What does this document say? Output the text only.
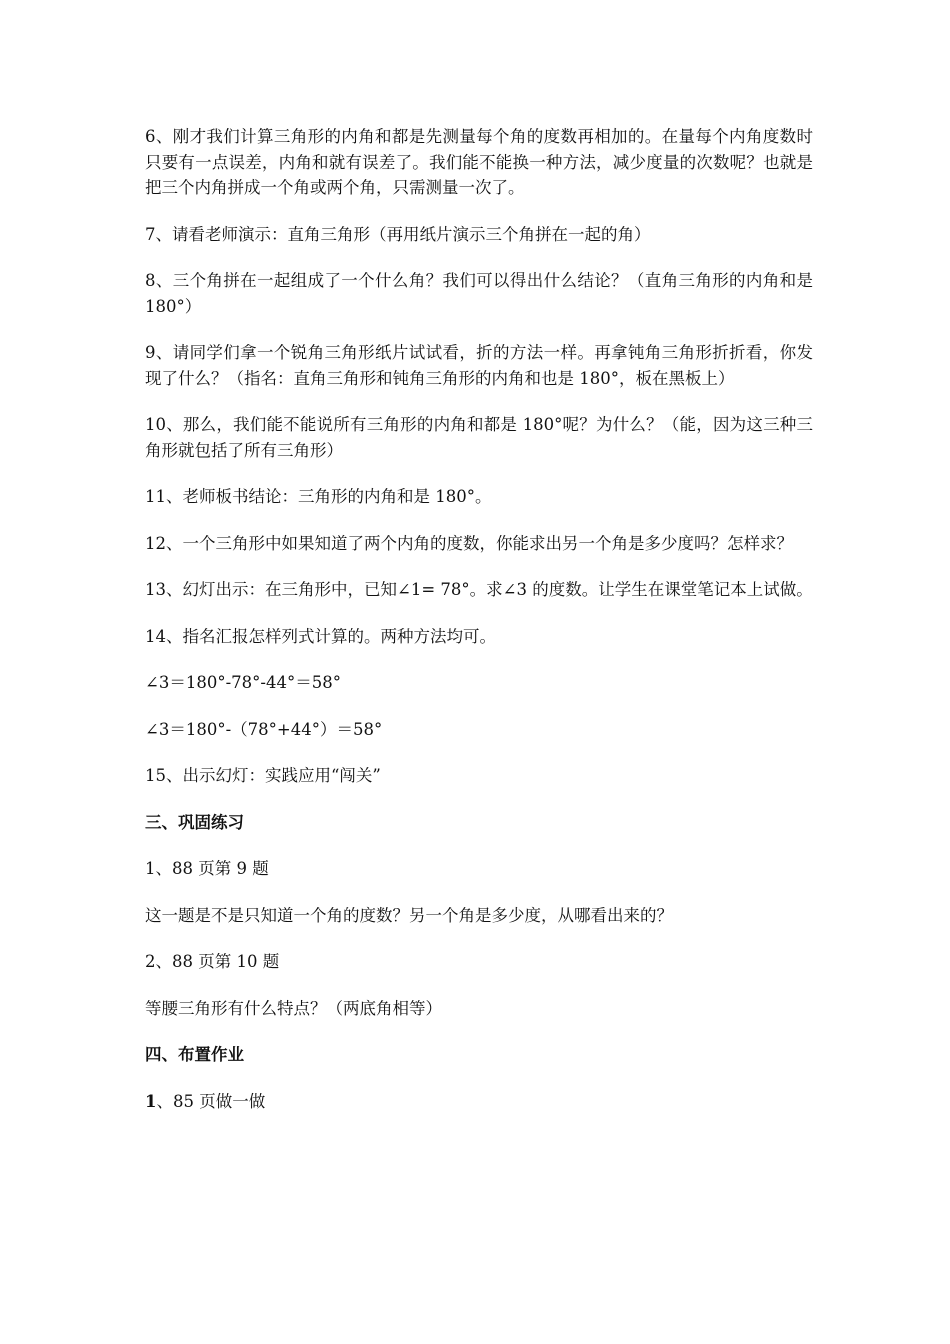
6、刚才我们计算三角形的内角和都是先测量每个角的度数再相加的。在量每个内角度数时只要有一点误差，内角和就有误差了。我们能不能换一种方法，减少度量的次数呢？也就是把三个内角拼成一个角或两个角，只需测量一次了。

7、请看老师演示：直角三角形（再用纸片演示三个角拼在一起的角）

8、三个角拼在一起组成了一个什么角？我们可以得出什么结论？（直角三角形的内角和是 180°）

9、请同学们拿一个锐角三角形纸片试试看，折的方法一样。再拿钝角三角形折折看，你发现了什么？（指名：直角三角形和钝角三角形的内角和也是 180°，板在黑板上）

10、那么，我们能不能说所有三角形的内角和都是 180°呢？为什么？（能，因为这三种三角形就包括了所有三角形）

11、老师板书结论：三角形的内角和是 180°。

12、一个三角形中如果知道了两个内角的度数，你能求出另一个角是多少度吗？怎样求？

13、幻灯出示：在三角形中，已知∠1= 78°。求∠3 的度数。让学生在课堂笔记本上试做。

14、指名汇报怎样列式计算的。两种方法均可。

∠3＝180°-78°-44°＝58°

∠3＝180°-（78°+44°）＝58°

15、出示幻灯：实践应用“闯关”

三、巩固练习

1、88 页第 9 题

这一题是不是只知道一个角的度数？另一个角是多少度，从哪看出来的？

2、88 页第 10 题

等腰三角形有什么特点？（两底角相等）

四、布置作业

1、85 页做一做
